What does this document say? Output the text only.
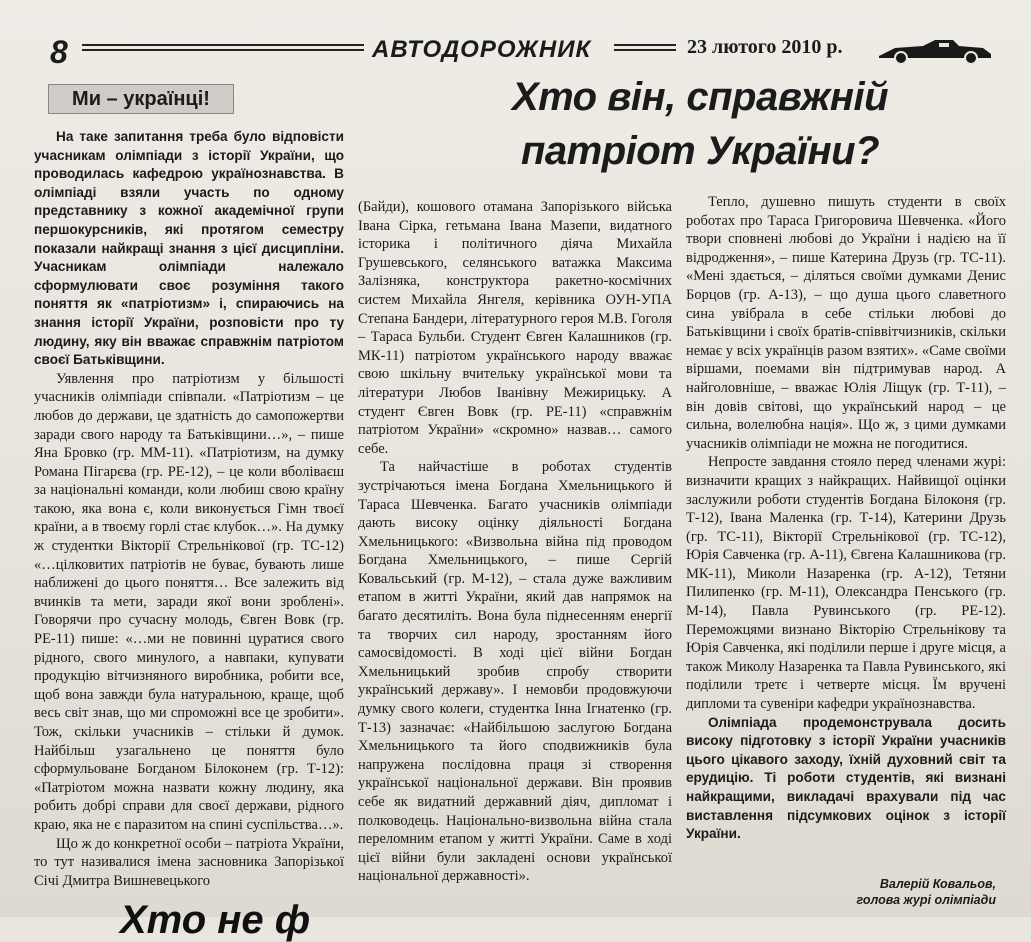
8	АВТОДОРОЖНИК	23 лютого 2010 р.
Ми – українці!	Хто він, справжній
патріот України?

На таке запитання треба було відповісти учасникам олімпіади з історії України, що проводилась кафедрою українознавства. В олімпіаді взяли участь по одному представнику з кожної академічної групи першокурсників, які протягом семестру показали найкращі знання з цієї дисципліни. Учасникам олімпіади належало сформулювати своє розуміння такого поняття як «патріотизм» і, спираючись на знання історії України, розповісти про ту людину, яку він вважає справжнім патріотом своєї Батьківщини.

Уявлення про патріотизм у більшості учасників олімпіади співпали. «Патріотизм – це любов до держави, це здатність до самопожертви заради свого народу та Батьківщини…», – пише Яна Бровко (гр. ММ-11). «Патріотизм, на думку Романа Пігарєва (гр. РЕ-12), – це коли вболіваєш за національні команди, коли любиш свою країну такою, яка вона є, коли виконується Гімн твоєї країни, а в твоєму горлі стає клубок…». На думку ж студентки Вікторії Стрельнікової (гр. ТС-12) «…цілковитих патріотів не буває, бувають лише наближені до цього поняття… Все залежить від вчинків та мети, заради якої вони зроблені». Говорячи про сучасну молодь, Євген Вовк (гр. РЕ-11) пише: «…ми не повинні цуратися свого рідного, свого минулого, а навпаки, купувати продукцію вітчизняного виробника, робити все, щоб вона завжди була натуральною, краще, щоб весь світ знав, що ми спроможні все це зробити». Тож, скільки учасників – стільки й думок. Найбільш узагальнено це поняття було сформульоване Богданом Білоконем (гр. Т-12): «Патріотом можна назвати кожну людину, яка робить добрі справи для своєї держави, рідного краю, яка не є паразитом на спині суспільства…».

Що ж до конкретної особи – патріота України, то тут називалися імена засновника Запорізької Січі Дмитра Вишневецького

(Байди), кошового отамана Запорізького війська Івана Сірка, гетьмана Івана Мазепи, видатного історика і політичного діяча Михайла Грушевського, селянського ватажка Максима Залізняка, конструктора ракетно-космічних систем Михайла Янгеля, керівника ОУН-УПА Степана Бандери, літературного героя М.В. Гоголя – Тараса Бульби. Студент Євген Калашников (гр. МК-11) патріотом українського народу вважає свою шкільну вчительку української мови та літератури Любов Іванівну Межирицьку. А студент Євген Вовк (гр. РЕ-11) «справжнім патріотом України» «скромно» назвав… самого себе.

Та найчастіше в роботах студентів зустрічаються імена Богдана Хмельницького й Тараса Шевченка. Багато учасників олімпіади дають високу оцінку діяльності Богдана Хмельницького: «Визвольна війна під проводом Богдана Хмельницького, – пише Сергій Ковальський (гр. М-12), – стала дуже важливим етапом в житті України, який дав напрямок на багато десятиліть. Вона була піднесенням енергії та творчих сил народу, зростанням його самосвідомості. В ході цієї війни Богдан Хмельницький зробив спробу створити український державу». І немовби продовжуючи думку свого колеги, студентка Інна Ігнатенко (гр. Т-13) зазначає: «Найбільшою заслугою Богдана Хмельницького та його сподвижників була напружена послідовна праця зі створення української національної держави. Він проявив себе як видатний державний діяч, дипломат і полководець. Національно-визвольна війна стала переломним етапом у житті України. Саме в ході цієї війни були закладені основи української національної державності».

Тепло, душевно пишуть студенти в своїх роботах про Тараса Григоровича Шевченка. «Його твори сповнені любові до України і надією на її відродження», – пише Катерина Друзь (гр. ТС-11). «Мені здається, – діляться своїми думками Денис Борцов (гр. А-13), – що душа цього славетного сина увібрала в себе стільки любові до Батьківщини і своїх братів-співвітчизників, скільки немає у всіх українців разом взятих». «Саме своїми віршами, поемами він підтримував народ. А найголовніше, – вважає Юлія Ліщук (гр. Т-11), – він довів світові, що український народ – це сильна, волелюбна нація». Що ж, з цими думками учасників олімпіади не можна не погодитися.

Непросте завдання стояло перед членами журі: визначити кращих з найкращих. Найвищої оцінки заслужили роботи студентів Богдана Білоконя (гр. Т-12), Івана Маленка (гр. Т-14), Катерини Друзь (гр. ТС-11), Вікторії Стрельнікової (гр. ТС-12), Юрія Савченка (гр. А-11), Євгена Калашникова (гр. МК-11), Миколи Назаренка (гр. А-12), Тетяни Пилипенко (гр. М-11), Олександра Пенського (гр. М-14), Павла Рувинського (гр. РЕ-12). Переможцями визнано Вікторію Стрельнікову та Юрія Савченка, які поділили перше і друге місця, а також Миколу Назаренка та Павла Рувинського, які поділили третє і четверте місця. Їм вручені дипломи та сувеніри кафедри українознавства.

Олімпіада продемонструвала досить високу підготовку з історії України учасників цього цікавого заходу, їхній духовний світ та ерудицію. Ті роботи студентів, які визнані найкращими, викладачі врахували під час виставлення підсумкових оцінок з історії України.

Валерій Ковальов,
голова журі олімпіади
Хто не ф
